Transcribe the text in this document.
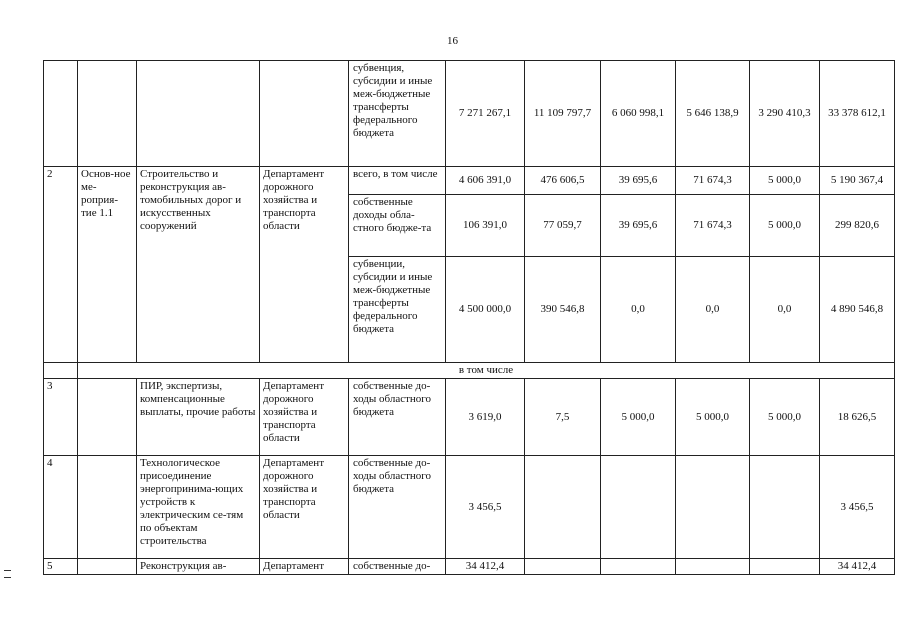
16
				субвенция, субсидии и иные меж-бюджетные трансферты федерального бюджета	7 271 267,1	11 109 797,7	6 060 998,1	5 646 138,9	3 290 410,3	33 378 612,1
2	Основ-ное ме-роприя-тие 1.1	Строительство и реконструкция ав-томобильных дорог и искусственных сооружений	Департамент дорожного хозяйства и транспорта области	всего, в том числе	4 606 391,0	476 606,5	39 695,6	71 674,3	5 000,0	5 190 367,4
				собственные доходы обла-стного бюдже-та	106 391,0	77 059,7	39 695,6	71 674,3	5 000,0	299 820,6
				субвенции, субсидии и иные меж-бюджетные трансферты федерального бюджета	4 500 000,0	390 546,8	0,0	0,0	0,0	4 890 546,8
	в том числе									
3		ПИР, экспертизы, компенсационные выплаты, прочие работы	Департамент дорожного хозяйства и транспорта области	собственные до-ходы областного бюджета	3 619,0	7,5	5 000,0	5 000,0	5 000,0	18 626,5
4		Технологическое присоединение энергопринима-ющих устройств к электрическим се-тям по объектам строительства	Департамент дорожного хозяйства и транспорта области	собственные до-ходы областного бюджета	3 456,5					3 456,5
5		Реконструкция ав-	Департамент	собственные до-	34 412,4					34 412,4
